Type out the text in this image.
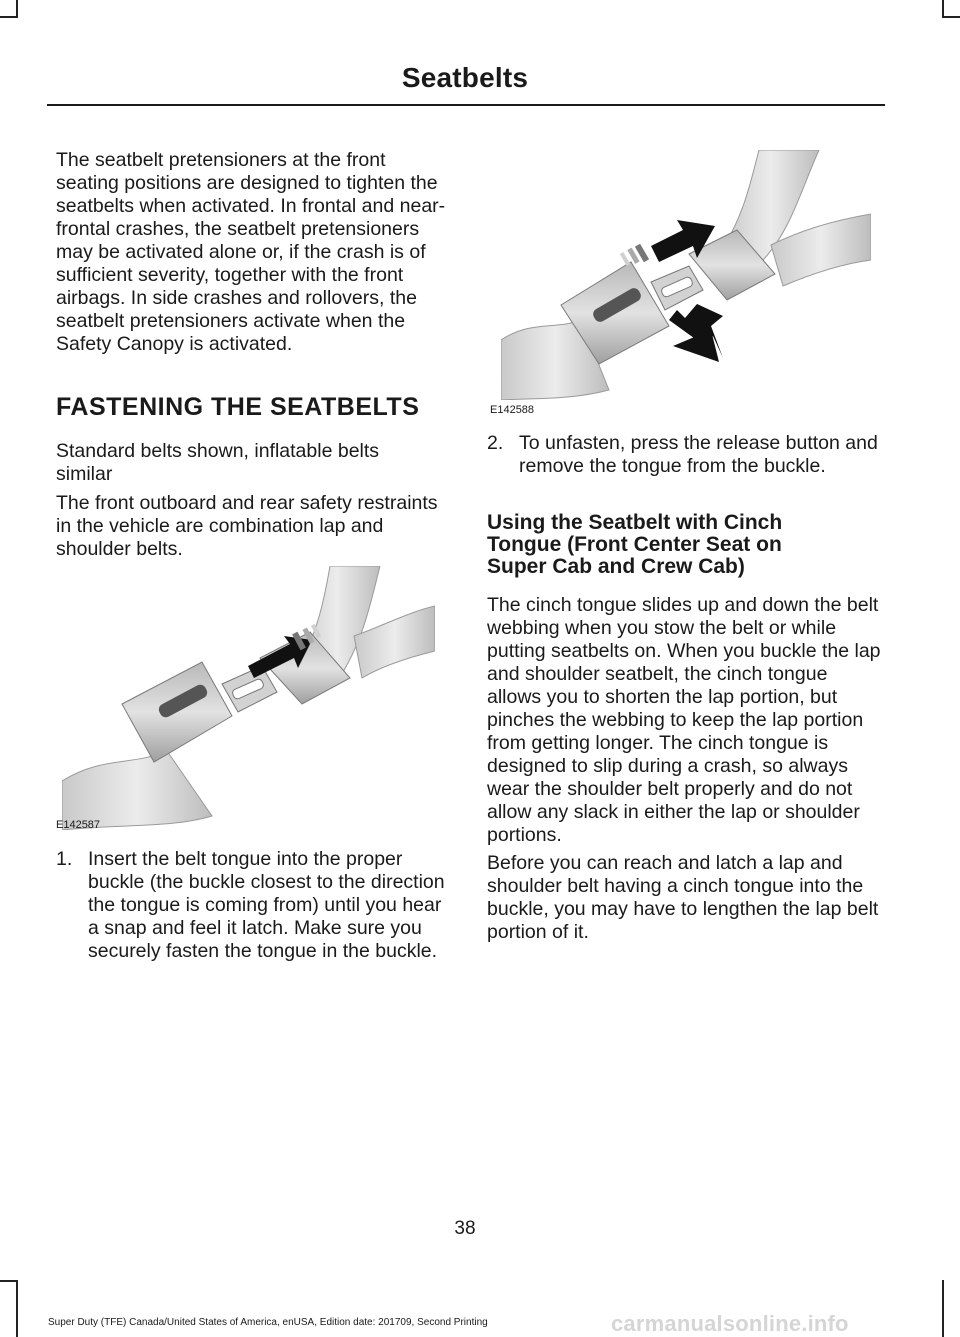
Seatbelts

The seatbelt pretensioners at the front seating positions are designed to tighten the seatbelts when activated. In frontal and near-frontal crashes, the seatbelt pretensioners may be activated alone or, if the crash is of sufficient severity, together with the front airbags. In side crashes and rollovers, the seatbelt pretensioners activate when the Safety Canopy is activated.

FASTENING THE SEATBELTS

Standard belts shown, inflatable belts similar

The front outboard and rear safety restraints in the vehicle are combination lap and shoulder belts.

E142587
1. Insert the belt tongue into the proper buckle (the buckle closest to the direction the tongue is coming from) until you hear a snap and feel it latch. Make sure you securely fasten the tongue in the buckle.
E142588
2. To unfasten, press the release button and remove the tongue from the buckle.
Using the Seatbelt with Cinch Tongue (Front Center Seat on Super Cab and Crew Cab)

The cinch tongue slides up and down the belt webbing when you stow the belt or while putting seatbelts on. When you buckle the lap and shoulder seatbelt, the cinch tongue allows you to shorten the lap portion, but pinches the webbing to keep the lap portion from getting longer. The cinch tongue is designed to slip during a crash, so always wear the shoulder belt properly and do not allow any slack in either the lap or shoulder portions.

Before you can reach and latch a lap and shoulder belt having a cinch tongue into the buckle, you may have to lengthen the lap belt portion of it.

38
Super Duty (TFE) Canada/United States of America, enUSA, Edition date: 201709, Second Printing	carmanualsonline.info
